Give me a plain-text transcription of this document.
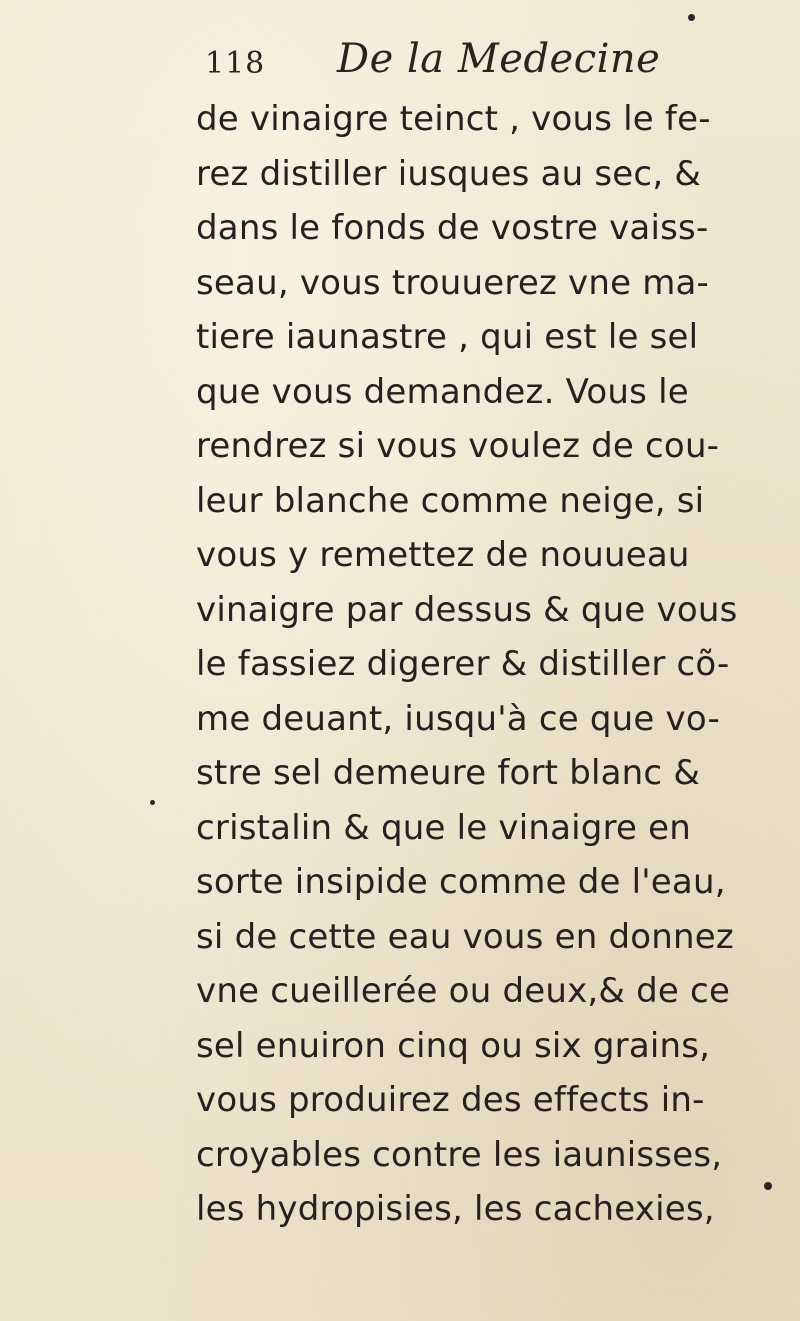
118 De la Medecine
de vinaigre teinct , vous le fe-
rez distiller iusques au sec, &
dans le fonds de vostre vaiss-
seau, vous trouuerez vne ma-
tiere iaunastre , qui est le sel
que vous demandez. Vous le
rendrez si vous voulez de cou-
leur blanche comme neige, si
vous y remettez de nouueau
vinaigre par dessus & que vous
le fassiez digerer & distiller cõ-
me deuant, iusqu'à ce que vo-
stre sel demeure fort blanc &
cristalin & que le vinaigre en
sorte insipide comme de l'eau,
si de cette eau vous en donnez
vne cueillerée ou deux,& de ce
sel enuiron cinq ou six grains,
vous produirez des effects in-
croyables contre les iaunisses,
les hydropisies, les cachexies,
